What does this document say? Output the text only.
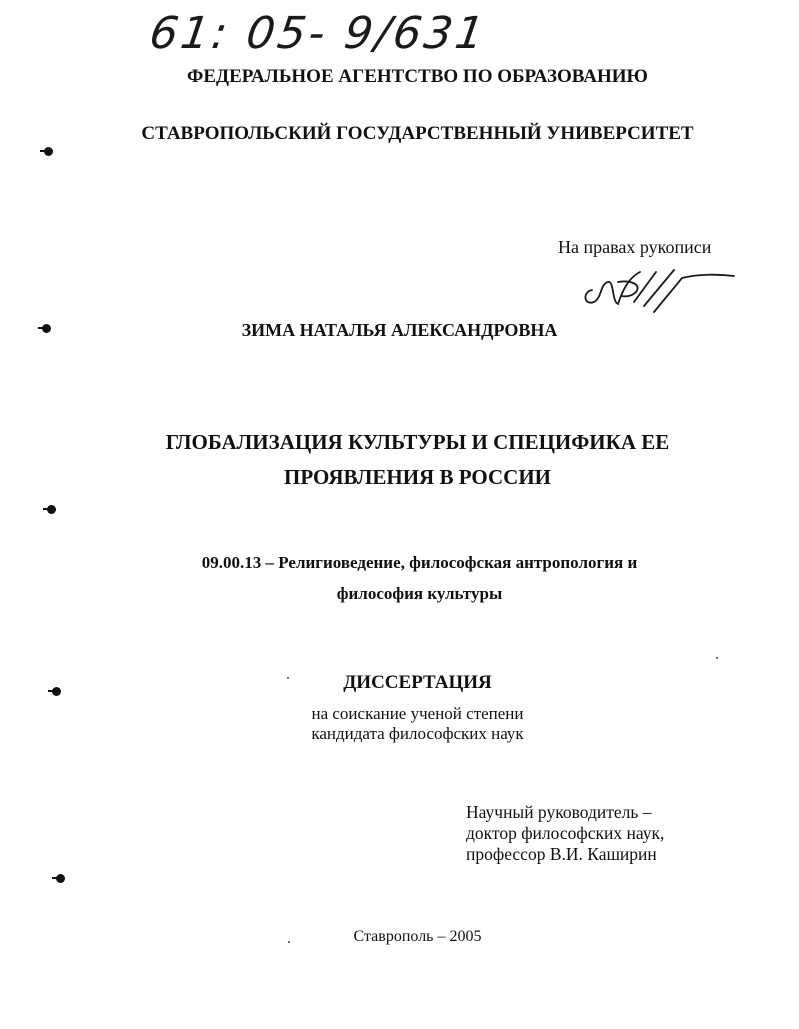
61: 05- 9/631
ФЕДЕРАЛЬНОЕ АГЕНТСТВО ПО ОБРАЗОВАНИЮ
СТАВРОПОЛЬСКИЙ ГОСУДАРСТВЕННЫЙ УНИВЕРСИТЕТ
На правах рукописи
ЗИМА НАТАЛЬЯ АЛЕКСАНДРОВНА
ГЛОБАЛИЗАЦИЯ КУЛЬТУРЫ И СПЕЦИФИКА ЕЕ
ПРОЯВЛЕНИЯ В РОССИИ
09.00.13 – Религиоведение, философская антропология и
философия культуры
ДИССЕРТАЦИЯ
на соискание ученой степени
кандидата философских наук
Научный руководитель –
доктор философских наук,
профессор В.И. Каширин
Ставрополь – 2005
